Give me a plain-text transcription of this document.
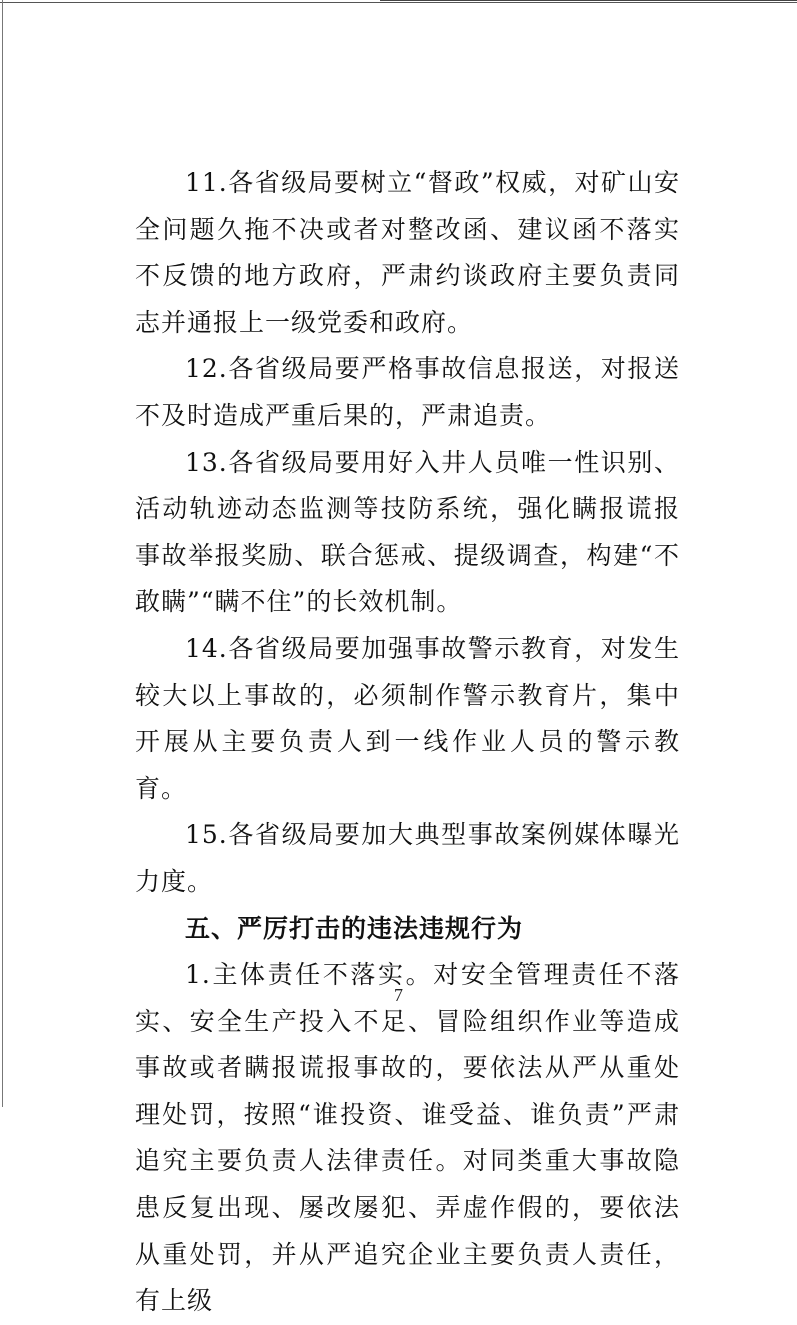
11.各省级局要树立“督政”权威，对矿山安全问题久拖不决或者对整改函、建议函不落实不反馈的地方政府，严肃约谈政府主要负责同志并通报上一级党委和政府。

12.各省级局要严格事故信息报送，对报送不及时造成严重后果的，严肃追责。

13.各省级局要用好入井人员唯一性识别、活动轨迹动态监测等技防系统，强化瞒报谎报事故举报奖励、联合惩戒、提级调查，构建“不敢瞒”“瞒不住”的长效机制。

14.各省级局要加强事故警示教育，对发生较大以上事故的，必须制作警示教育片，集中开展从主要负责人到一线作业人员的警示教育。

15.各省级局要加大典型事故案例媒体曝光力度。

五、严厉打击的违法违规行为

1.主体责任不落实。对安全管理责任不落实、安全生产投入不足、冒险组织作业等造成事故或者瞒报谎报事故的，要依法从严从重处理处罚，按照“谁投资、谁受益、谁负责”严肃追究主要负责人法律责任。对同类重大事故隐患反复出现、屡改屡犯、弄虚作假的，要依法从重处罚，并从严追究企业主要负责人责任，有上级

7
